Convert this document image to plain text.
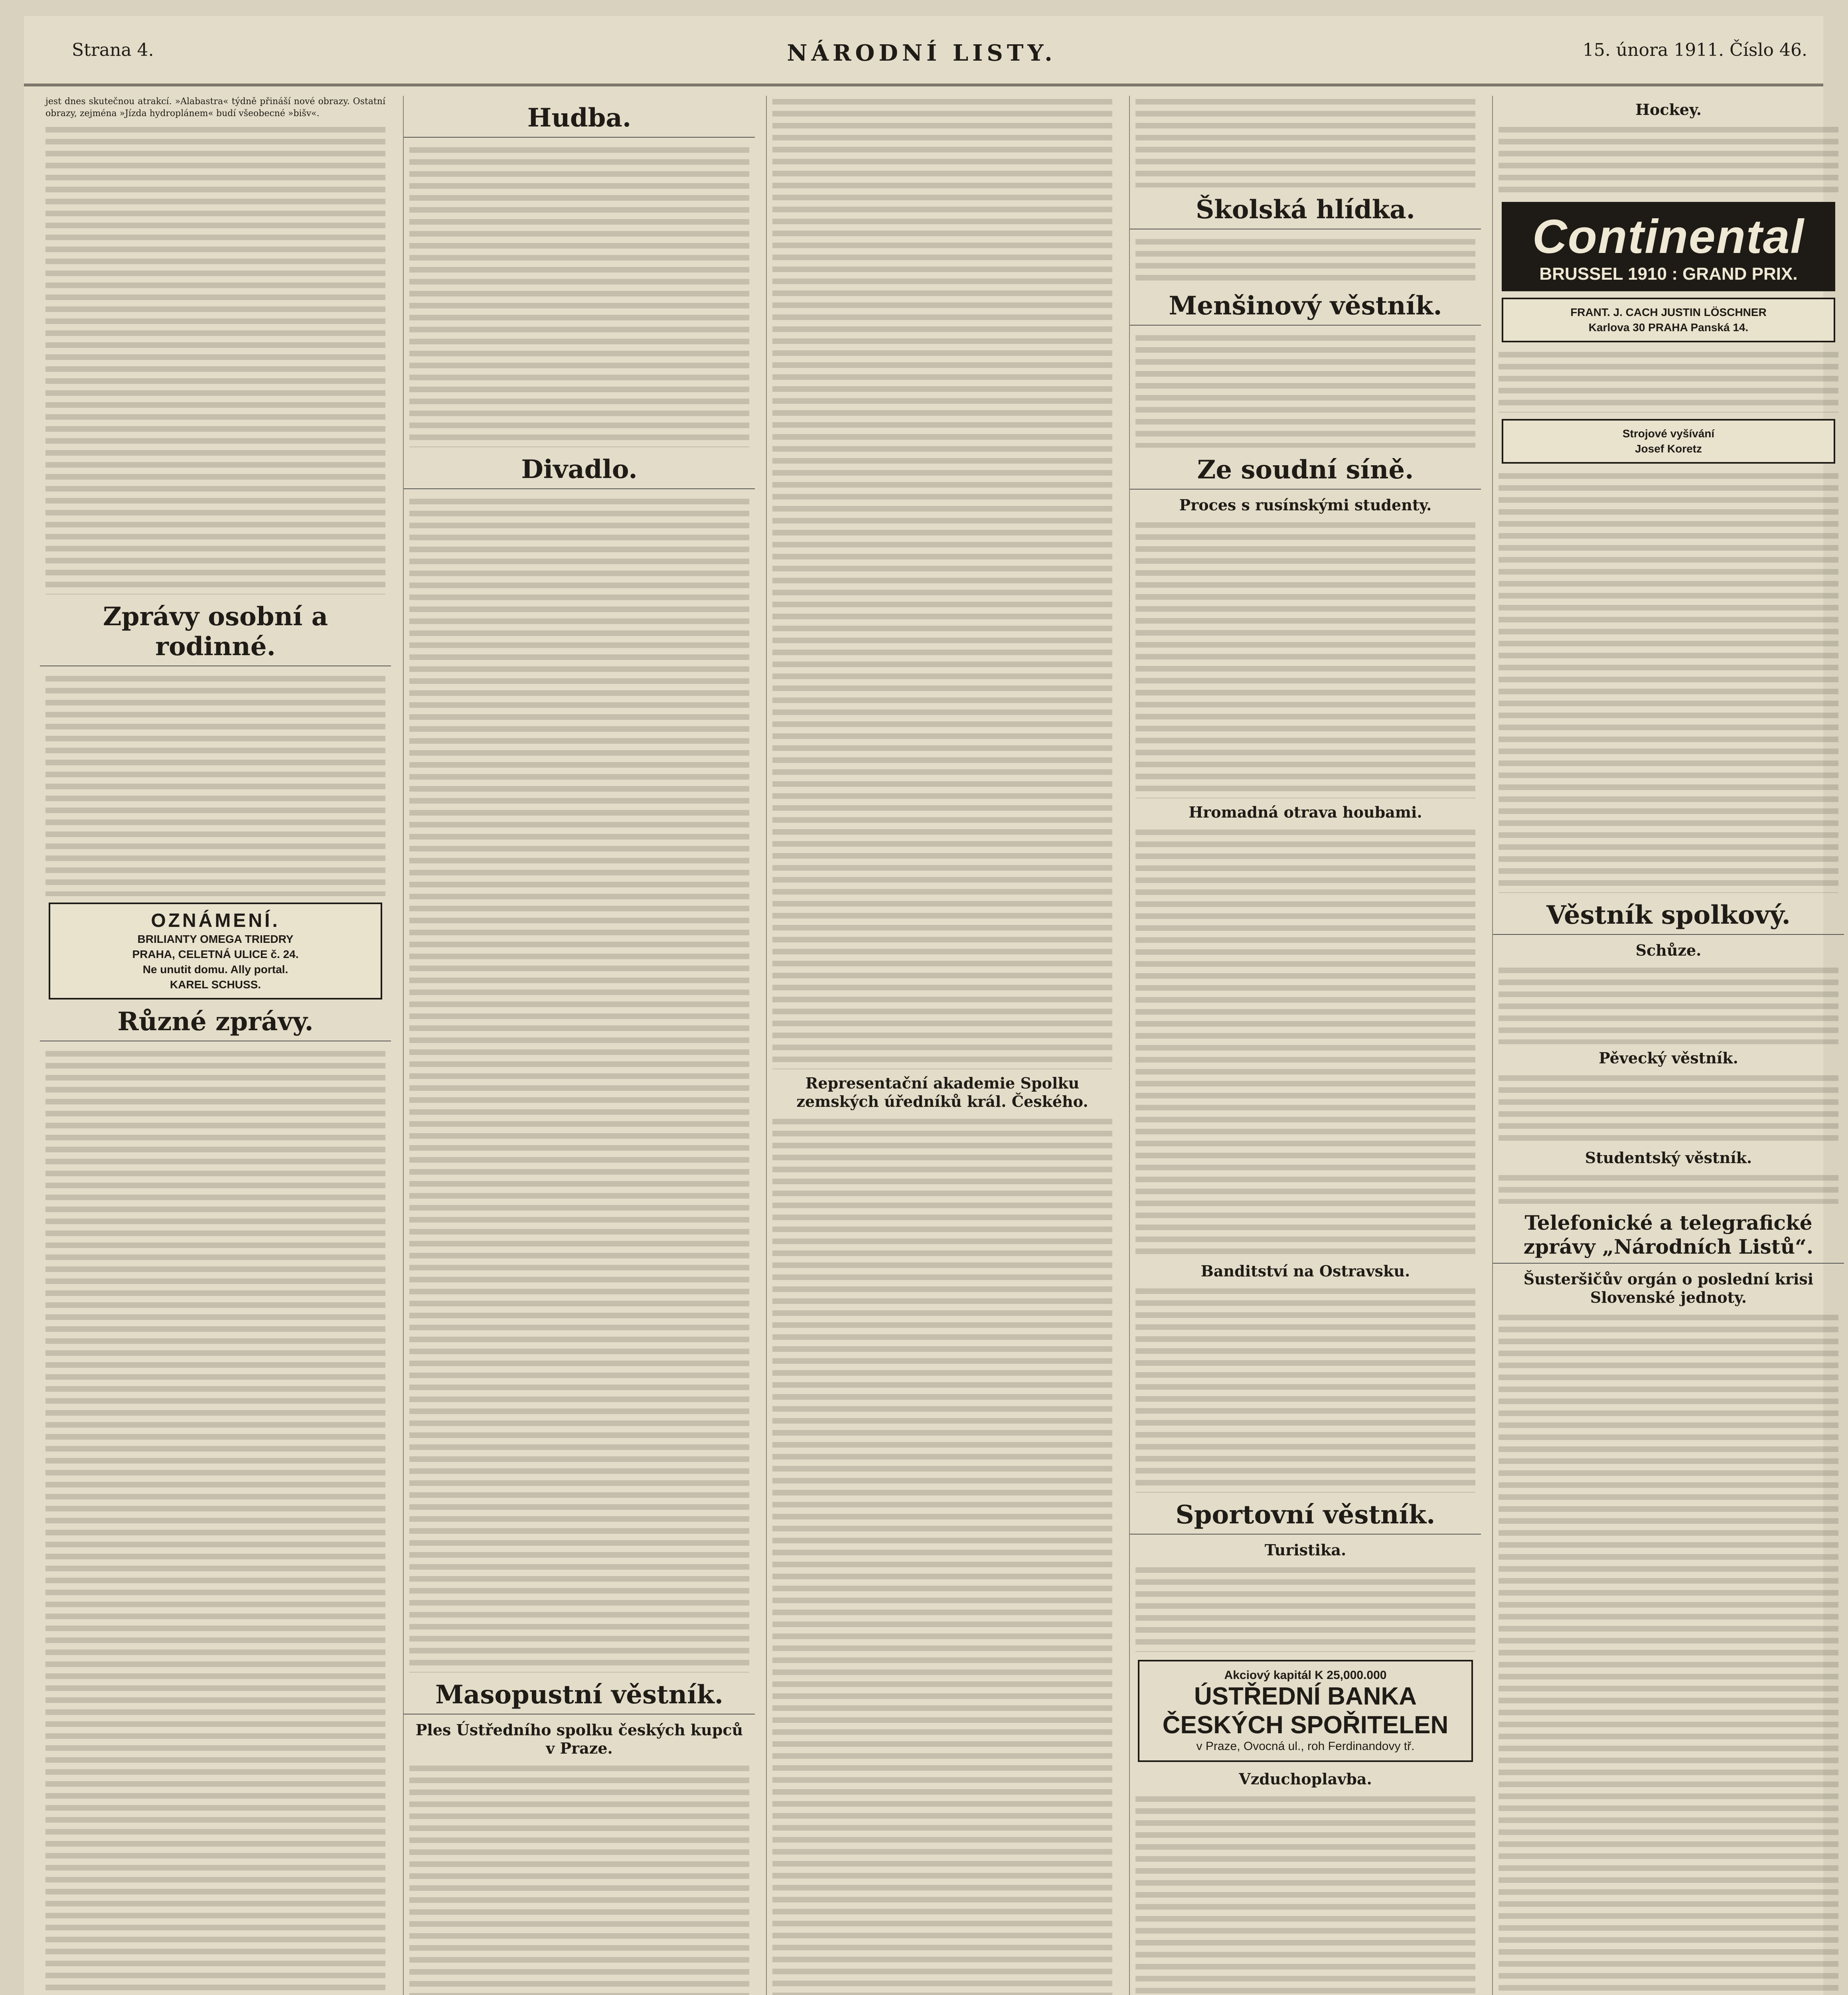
Strana 4.	NÁRODNÍ LISTY.	15. února 1911. Číslo 46.

jest dnes skutečnou atrakcí. »Alabastra« týdně přináší nové obrazy. Ostatní obrazy, zejména »Jízda hydroplánem« budí všeobecné »bišv«.

Zprávy osobní a rodinné.
OZNÁMENÍ.
BRILIANTY OMEGA TRIEDRY
PRAHA, CELETNÁ ULICE č. 24.
Ne unutit domu. Ally portal.
KAREL SCHUSS.
Různé zprávy.
Hudba.
Divadlo.
Masopustní věstník.
Ples Ústředního spolku českých kupců v Praze.
Representační akademie Spolku zemských úředníků král. Českého.
Školská hlídka.
Menšinový věstník.
Ze soudní síně.
Proces s rusínskými studenty.
Hromadná otrava houbami.
Banditství na Ostravsku.
Sportovní věstník.
Turistika.
Akciový kapitál K 25,000.000
ÚSTŘEDNÍ BANKA ČESKÝCH SPOŘITELEN
v Praze, Ovocná ul., roh Ferdinandovy tř.
Vzduchoplavba.
Hockey.
Continental
BRUSSEL 1910 : GRAND PRIX.
FRANT. J. CACH JUSTIN LÖSCHNER
Karlova 30 PRAHA Panská 14.
Strojové vyšívání
Josef Koretz
Věstník spolkový.
Schůze.
Pěvecký věstník.
Studentský věstník.
Telefonické a telegrafické zprávy „Národních Listů“.
Šusteršičův orgán o poslední krisi Slovenské jednoty.
